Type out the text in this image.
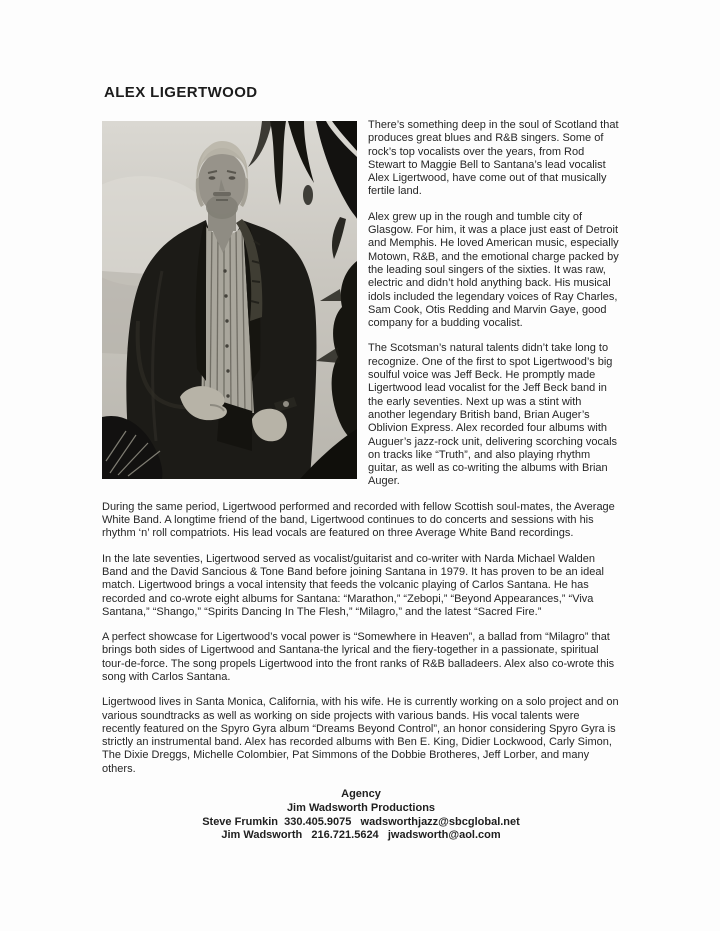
ALEX LIGERTWOOD

There’s something deep in the soul of Scotland that produces great blues and R&B singers. Some of rock’s top vocalists over the years, from Rod Stewart to Maggie Bell to Santana’s lead vocalist Alex Ligertwood, have come out of that musically fertile land.

Alex grew up in the rough and tumble city of Glasgow. For him, it was a place just east of Detroit and Memphis. He loved American music, especially Motown, R&B, and the emotional charge packed by the leading soul singers of the sixties. It was raw, electric and didn’t hold anything back. His musical idols included the legendary voices of Ray Charles, Sam Cook, Otis Redding and Marvin Gaye, good company for a budding vocalist.

The Scotsman’s natural talents didn’t take long to recognize. One of the first to spot Ligertwood’s big soulful voice was Jeff Beck. He promptly made Ligertwood lead vocalist for the Jeff Beck band in the early seventies. Next up was a stint with another legendary British band, Brian Auger’s Oblivion Express. Alex recorded four albums with Auguer’s jazz-rock unit, delivering scorching vocals on tracks like “Truth”, and also playing rhythm guitar, as well as co-writing the albums with Brian Auger.

During the same period, Ligertwood performed and recorded with fellow Scottish soul-mates, the Average White Band. A longtime friend of the band, Ligertwood continues to do concerts and sessions with his rhythm ‘n’ roll compatriots. His lead vocals are featured on three Average White Band recordings.

In the late seventies, Ligertwood served as vocalist/guitarist and co-writer with Narda Michael Walden Band and the David Sancious & Tone Band before joining Santana in 1979. It has proven to be an ideal match. Ligertwood brings a vocal intensity that feeds the volcanic playing of Carlos Santana. He has recorded and co-wrote eight albums for Santana: “Marathon,” “Zebopi,” “Beyond Appearances,” “Viva Santana,” “Shango,” “Spirits Dancing In The Flesh,” “Milagro,” and the latest “Sacred Fire.”

A perfect showcase for Ligertwood’s vocal power is “Somewhere in Heaven”, a ballad from “Milagro” that brings both sides of Ligertwood and Santana-the lyrical and the fiery-together in a passionate, spiritual tour-de-force. The song propels Ligertwood into the front ranks of R&B balladeers. Alex also co-wrote this song with Carlos Santana.

Ligertwood lives in Santa Monica, California, with his wife. He is currently working on a solo project and on various soundtracks as well as working on side projects with various bands. His vocal talents were recently featured on the Spyro Gyra album “Dreams Beyond Control”, an honor considering Spyro Gyra is strictly an instrumental band. Alex has recorded albums with Ben E. King, Didier Lockwood, Carly Simon, The Dixie Dreggs, Michelle Colombier, Pat Simmons of the Dobbie Brotheres, Jeff Lorber, and many others.

Agency
Jim Wadsworth Productions
Steve Frumkin  330.405.9075   wadsworthjazz@sbcglobal.net
Jim Wadsworth   216.721.5624   jwadsworth@aol.com
